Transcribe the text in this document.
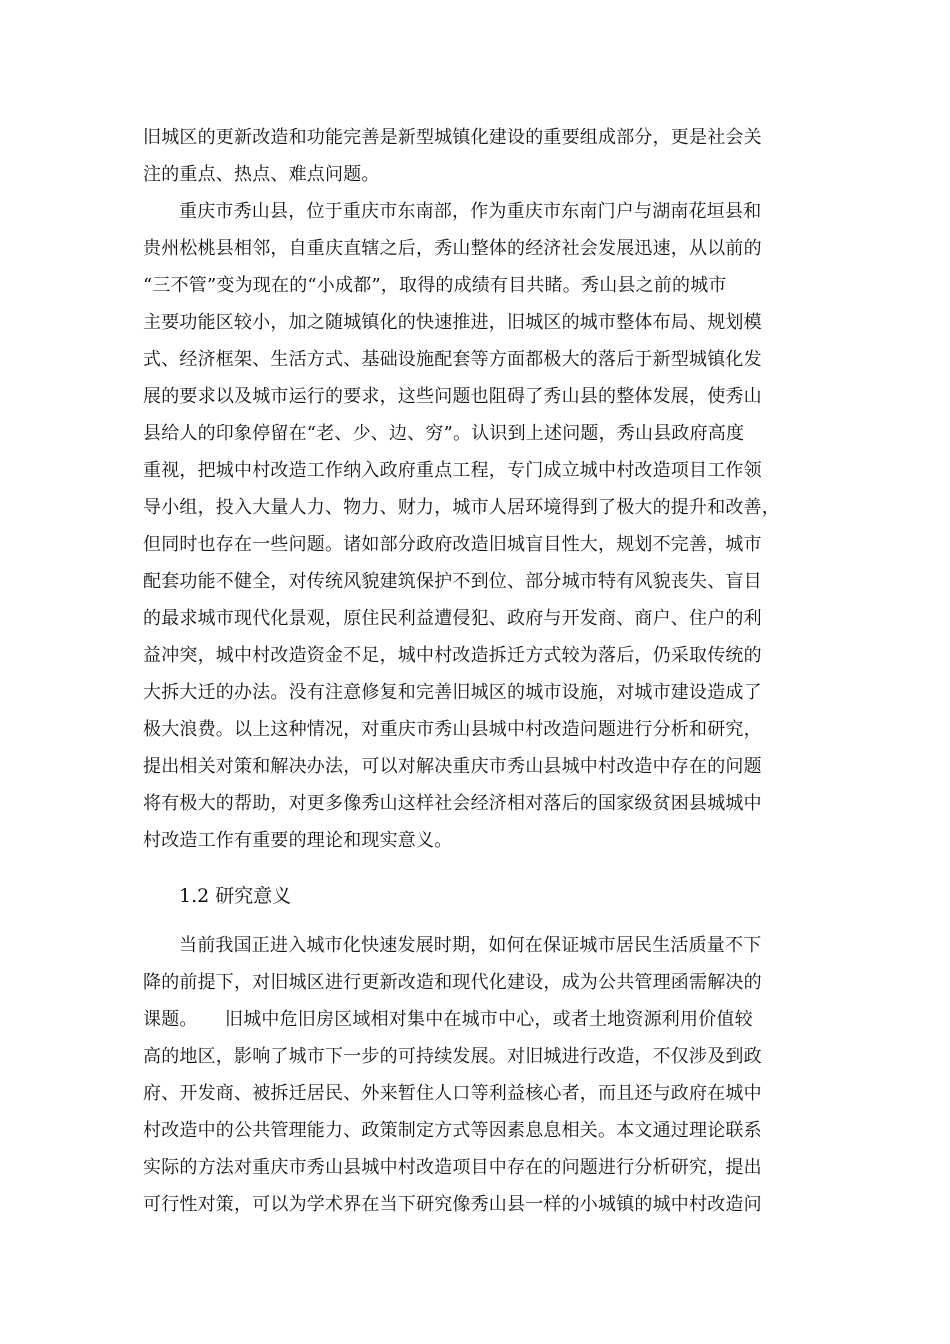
旧城区的更新改造和功能完善是新型城镇化建设的重要组成部分，更是社会关

注的重点、热点、难点问题。

重庆市秀山县，位于重庆市东南部，作为重庆市东南门户与湖南花垣县和

贵州松桃县相邻，自重庆直辖之后，秀山整体的经济社会发展迅速，从以前的

“三不管”变为现在的“小成都”，取得的成绩有目共睹。秀山县之前的城市

主要功能区较小，加之随城镇化的快速推进，旧城区的城市整体布局、规划模

式、经济框架、生活方式、基础设施配套等方面都极大的落后于新型城镇化发

展的要求以及城市运行的要求，这些问题也阻碍了秀山县的整体发展，使秀山

县给人的印象停留在“老、少、边、穷”。认识到上述问题，秀山县政府高度

重视，把城中村改造工作纳入政府重点工程，专门成立城中村改造项目工作领

导小组，投入大量人力、物力、财力，城市人居环境得到了极大的提升和改善，

但同时也存在一些问题。诸如部分政府改造旧城盲目性大，规划不完善，城市

配套功能不健全，对传统风貌建筑保护不到位、部分城市特有风貌丧失、盲目

的最求城市现代化景观，原住民利益遭侵犯、政府与开发商、商户、住户的利

益冲突，城中村改造资金不足，城中村改造拆迁方式较为落后，仍采取传统的

大拆大迁的办法。没有注意修复和完善旧城区的城市设施，对城市建设造成了

极大浪费。以上这种情况，对重庆市秀山县城中村改造问题进行分析和研究，

提出相关对策和解决办法，可以对解决重庆市秀山县城中村改造中存在的问题

将有极大的帮助，对更多像秀山这样社会经济相对落后的国家级贫困县城城中

村改造工作有重要的理论和现实意义。

1.2 研究意义

当前我国正进入城市化快速发展时期，如何在保证城市居民生活质量不下

降的前提下，对旧城区进行更新改造和现代化建设，成为公共管理函需解决的

课题。　　旧城中危旧房区域相对集中在城市中心，或者土地资源利用价值较

高的地区，影响了城市下一步的可持续发展。对旧城进行改造，不仅涉及到政

府、开发商、被拆迁居民、外来暂住人口等利益核心者，而且还与政府在城中

村改造中的公共管理能力、政策制定方式等因素息息相关。本文通过理论联系

实际的方法对重庆市秀山县城中村改造项目中存在的问题进行分析研究，提出

可行性对策，可以为学术界在当下研究像秀山县一样的小城镇的城中村改造问
